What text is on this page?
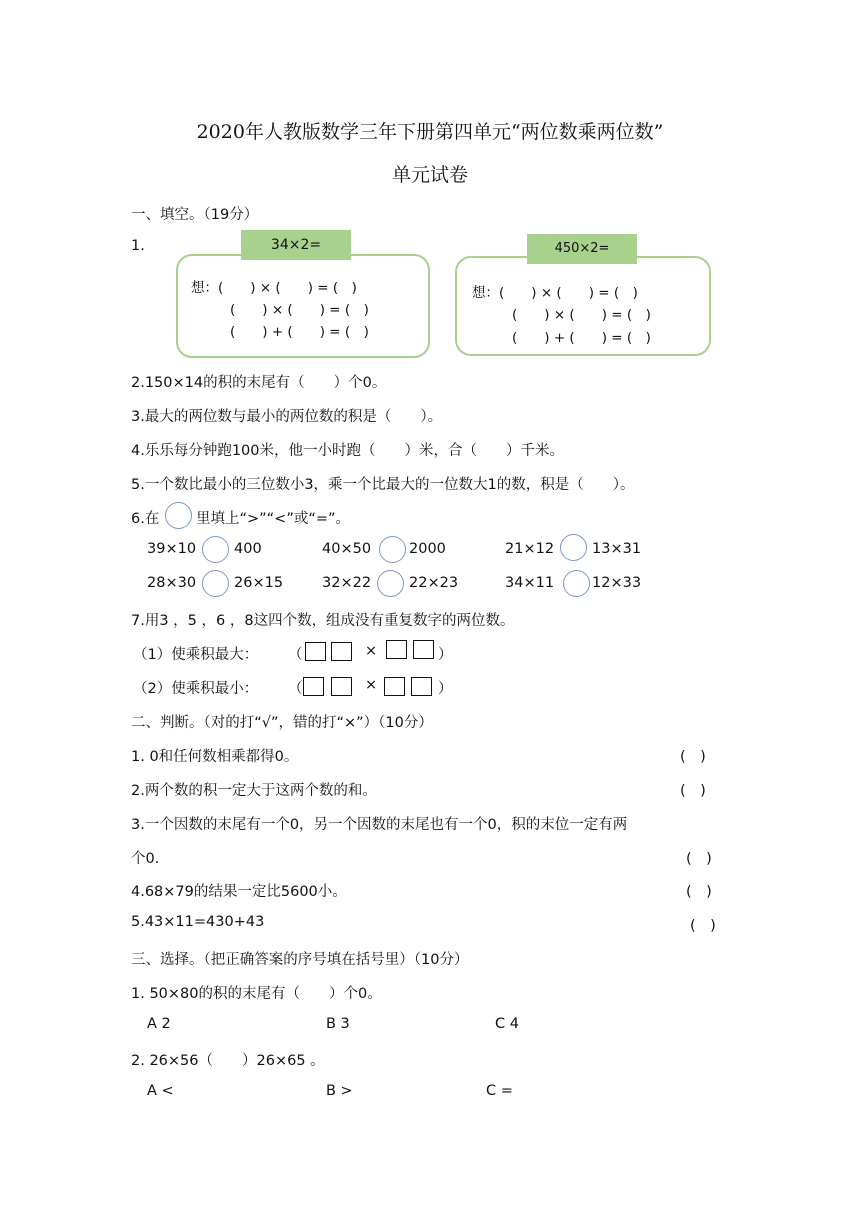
2020年人教版数学三年下册第四单元“两位数乘两位数”
单元试卷
一、填空。（19分）
1.	34×2=
想：(　　) × (　　) = (　)
(　　) × (　　) = (　)
(　　) + (　　) = (　)
450×2=
想：(　　) × (　　) = (　)
(　　) × (　　) = (　)
(　　) + (　　) = (　)
2.150×14的积的末尾有（　　）个0。
3.最大的两位数与最小的两位数的积是（　　）。
4.乐乐每分钟跑100米，他一小时跑（　　）米，合（　　）千米。
5.一个数比最小的三位数小3，乘一个比最大的一位数大1的数，积是（　　）。
6.在	里填上“>”“<”或“=”。
39×10	400	40×50	2000	21×12	13×31
28×30	26×15	32×22	22×23	34×11	12×33
7.用3 ，5 ，6 ，8这四个数，组成没有重复数字的两位数。
（1）使乘积最大： （	×	）
（2）使乘积最小： （	×	）
二、判断。（对的打“√”，错的打“×”）（10分）
1. 0和任何数相乘都得0。	(　)
2.两个数的积一定大于这两个数的和。	(　)
3.一个因数的末尾有一个0，另一个因数的末尾也有一个0，积的末位一定有两
个0.	(　)
4.68×79的结果一定比5600小。	(　)
5.43×11=430+43	(　)
三、选择。（把正确答案的序号填在括号里）（10分）
1. 50×80的积的末尾有（　　）个0。
A 2	B 3	C 4
2. 26×56（　　）26×65 。
A <	B >	C =
